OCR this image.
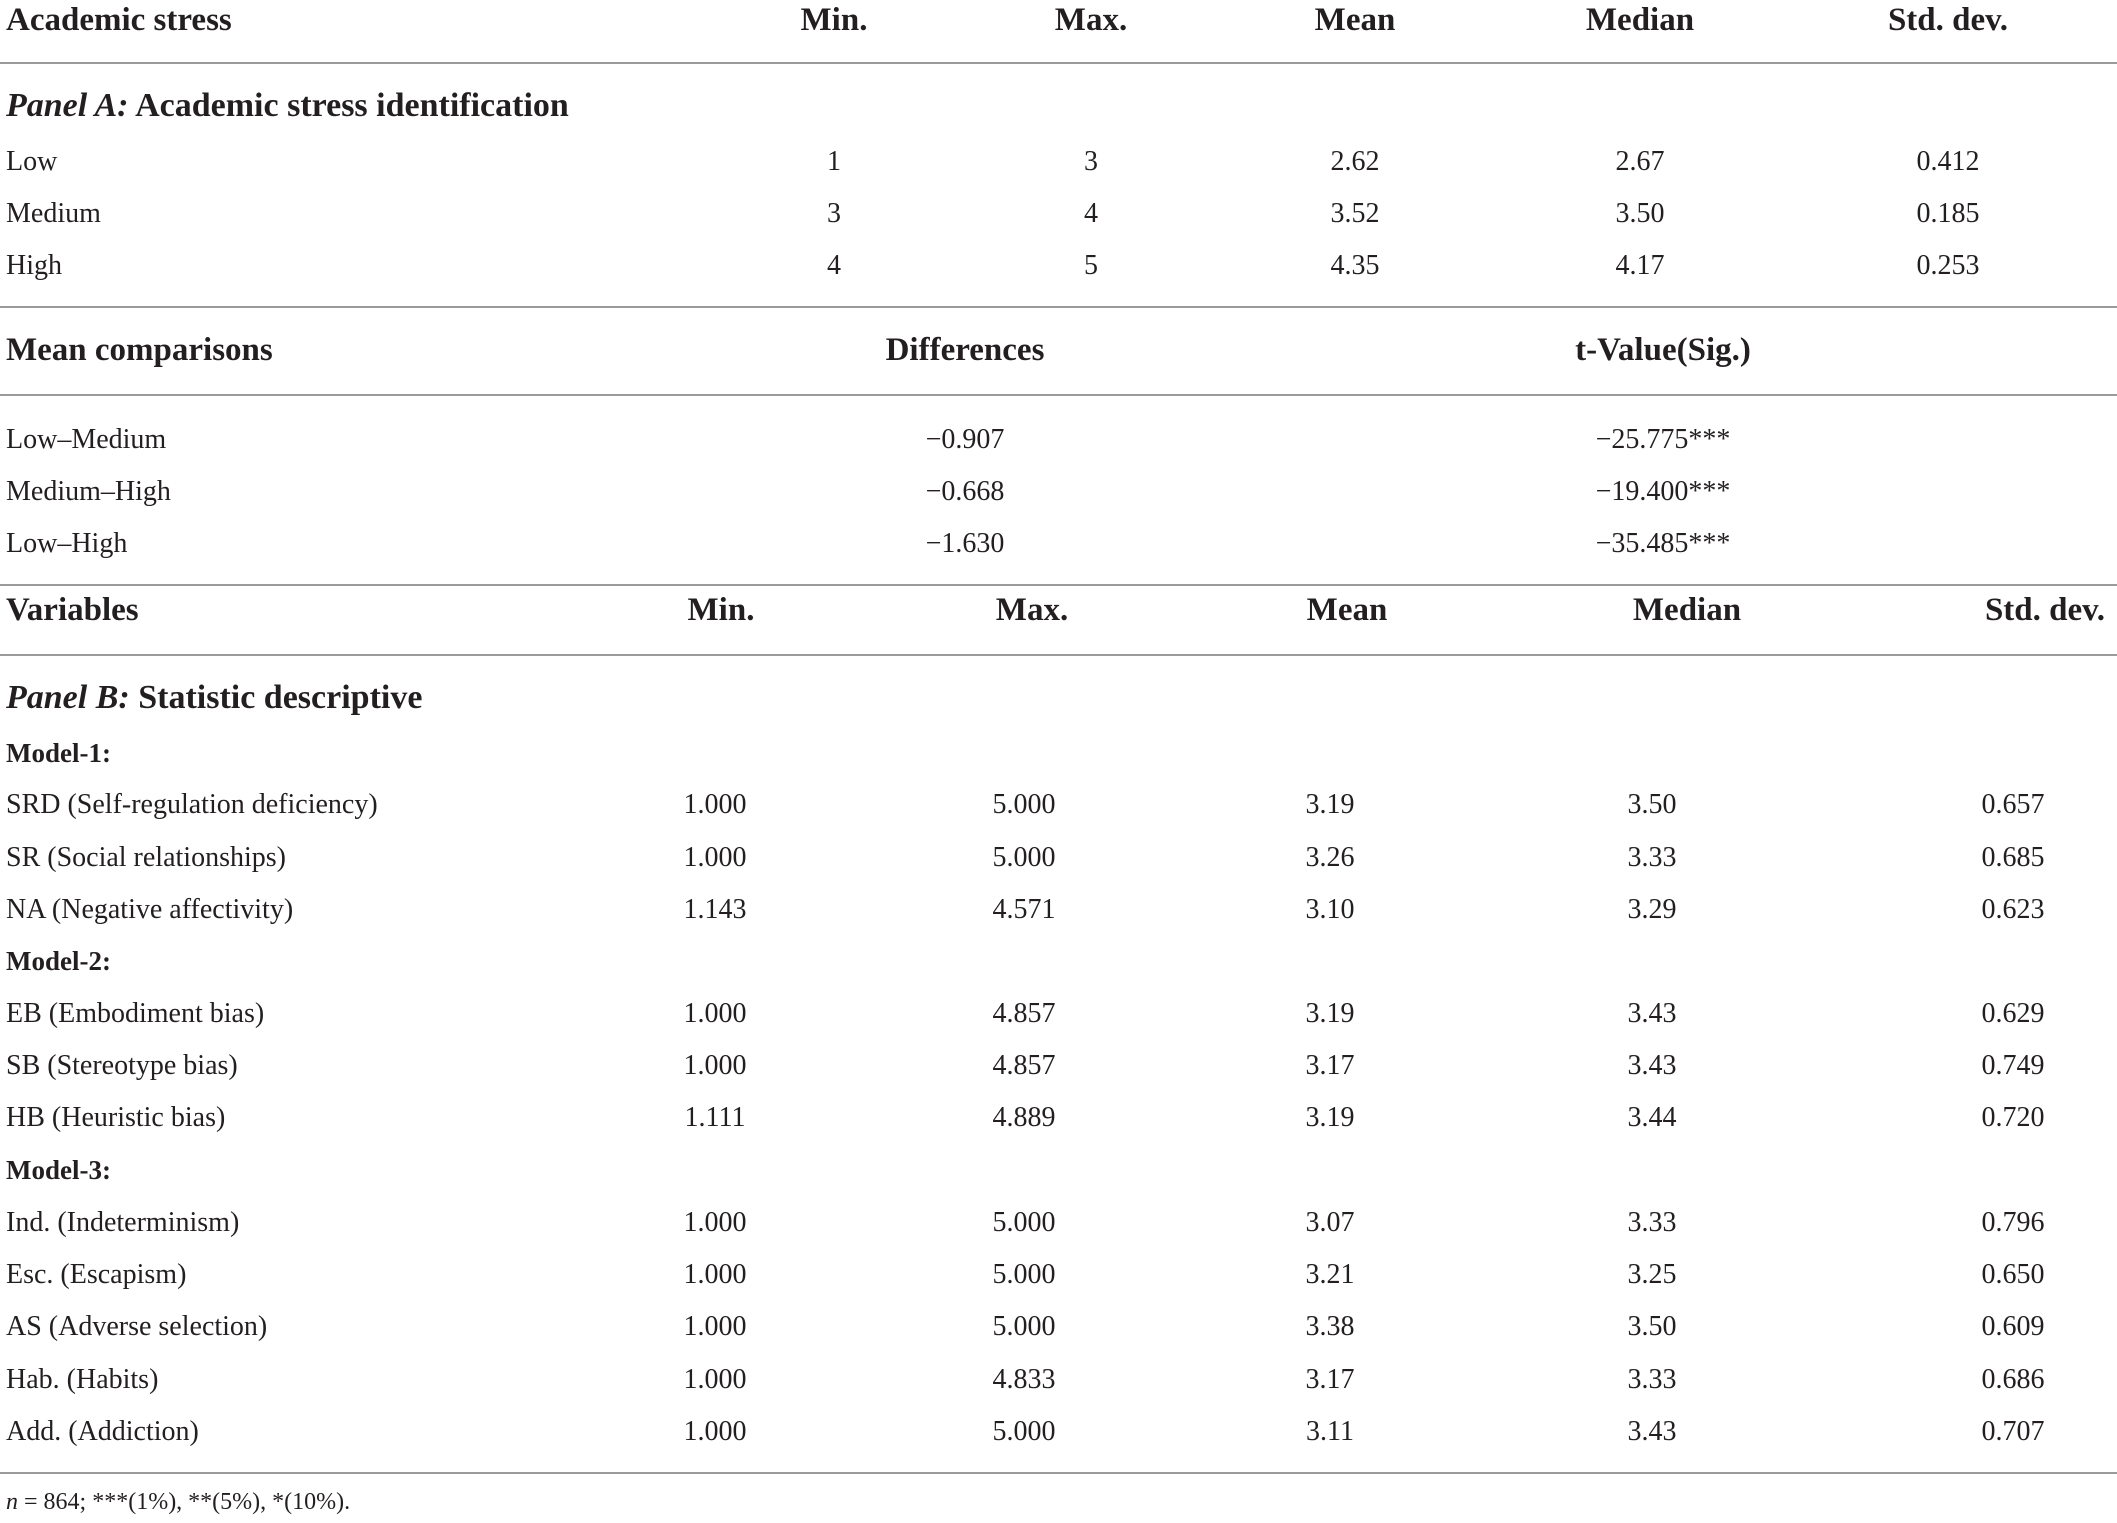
Academic stress	Min.	Max.	Mean	Median	Std. dev.
Panel A: Academic stress identification
Low	1	3	2.62	2.67	0.412
Medium	3	4	3.52	3.50	0.185
High	4	5	4.35	4.17	0.253
Mean comparisons	Differences	t-Value(Sig.)
Low–Medium	−0.907	−25.775***
Medium–High	−0.668	−19.400***
Low–High	−1.630	−35.485***
Variables	Min.	Max.	Mean	Median	Std. dev.
Panel B: Statistic descriptive
Model-1:
SRD (Self-regulation deficiency)	1.000	5.000	3.19	3.50	0.657
SR (Social relationships)	1.000	5.000	3.26	3.33	0.685
NA (Negative affectivity)	1.143	4.571	3.10	3.29	0.623
Model-2:
EB (Embodiment bias)	1.000	4.857	3.19	3.43	0.629
SB (Stereotype bias)	1.000	4.857	3.17	3.43	0.749
HB (Heuristic bias)	1.111	4.889	3.19	3.44	0.720
Model-3:
Ind. (Indeterminism)	1.000	5.000	3.07	3.33	0.796
Esc. (Escapism)	1.000	5.000	3.21	3.25	0.650
AS (Adverse selection)	1.000	5.000	3.38	3.50	0.609
Hab. (Habits)	1.000	4.833	3.17	3.33	0.686
Add. (Addiction)	1.000	5.000	3.11	3.43	0.707
n = 864; ***(1%), **(5%), *(10%).
